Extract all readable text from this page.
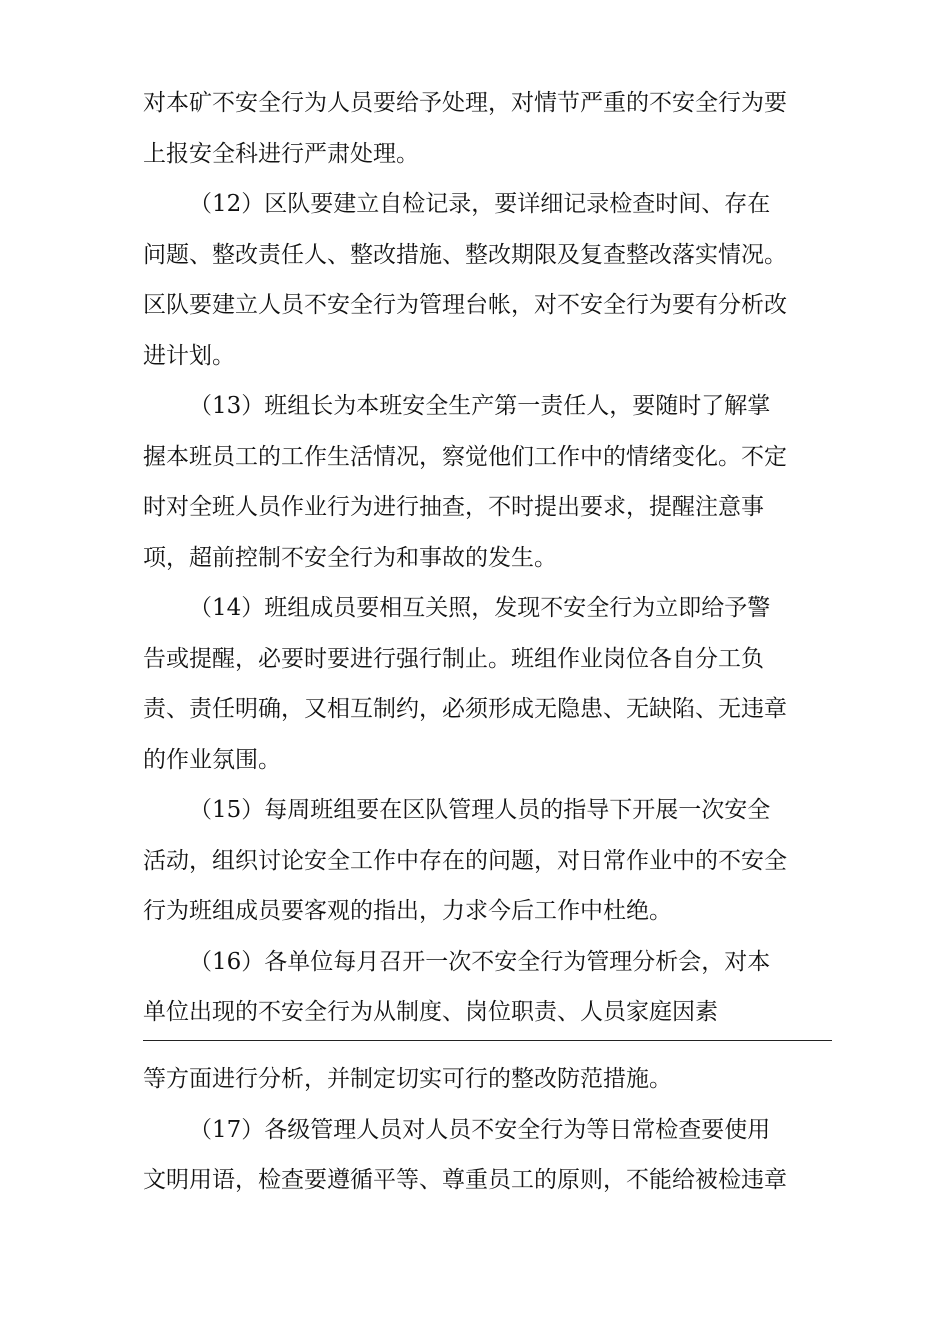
对本矿不安全行为人员要给予处理，对情节严重的不安全行为要
上报安全科进行严肃处理。
（12）区队要建立自检记录，要详细记录检查时间、存在
问题、整改责任人、整改措施、整改期限及复查整改落实情况。
区队要建立人员不安全行为管理台帐，对不安全行为要有分析改
进计划。
（13）班组长为本班安全生产第一责任人，要随时了解掌
握本班员工的工作生活情况，察觉他们工作中的情绪变化。不定
时对全班人员作业行为进行抽查，不时提出要求，提醒注意事
项，超前控制不安全行为和事故的发生。
（14）班组成员要相互关照，发现不安全行为立即给予警
告或提醒，必要时要进行强行制止。班组作业岗位各自分工负
责、责任明确，又相互制约，必须形成无隐患、无缺陷、无违章
的作业氛围。
（15）每周班组要在区队管理人员的指导下开展一次安全
活动，组织讨论安全工作中存在的问题，对日常作业中的不安全
行为班组成员要客观的指出，力求今后工作中杜绝。
（16）各单位每月召开一次不安全行为管理分析会，对本
单位出现的不安全行为从制度、岗位职责、人员家庭因素
等方面进行分析，并制定切实可行的整改防范措施。
（17）各级管理人员对人员不安全行为等日常检查要使用
文明用语，检查要遵循平等、尊重员工的原则，不能给被检违章
